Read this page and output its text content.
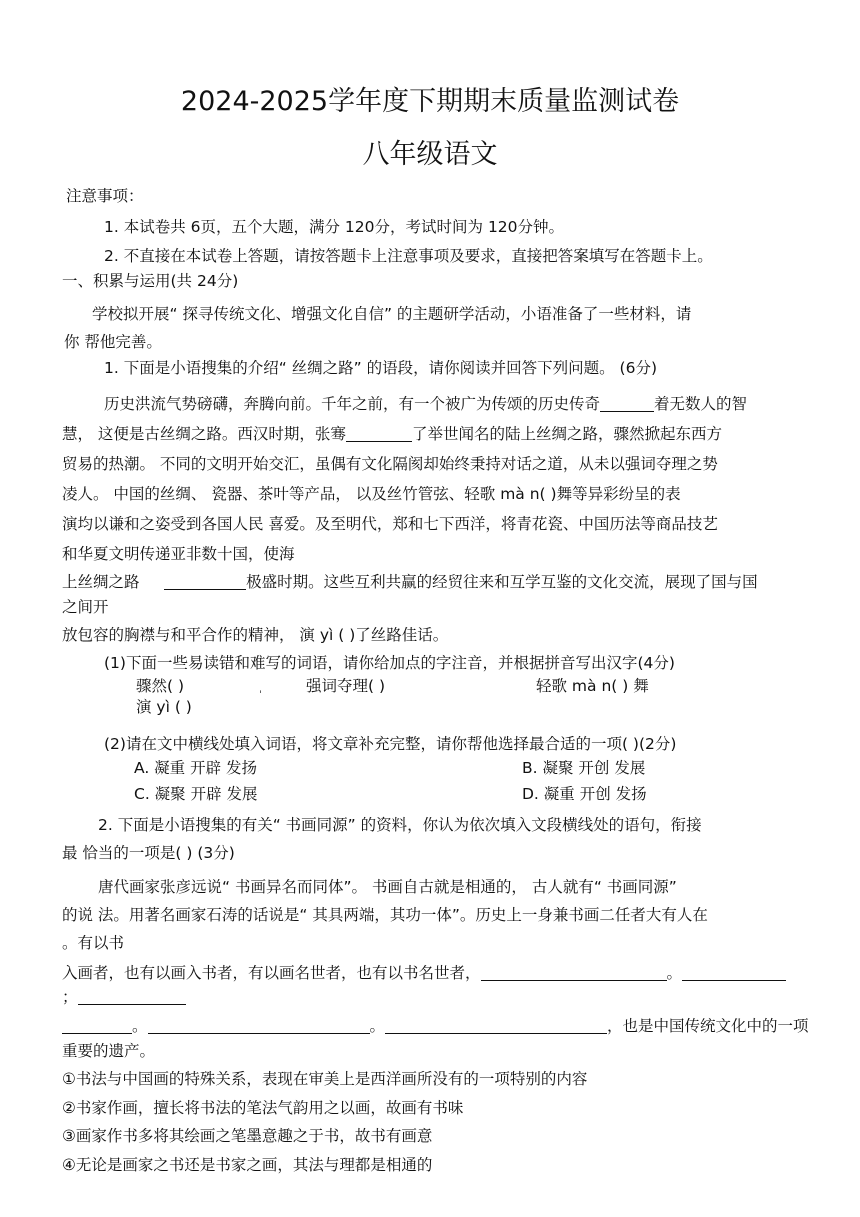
2024-2025学年度下期期末质量监测试卷
八年级语文
注意事项：
1. 本试卷共 6页，五个大题，满分 120分，考试时间为 120分钟。
2. 不直接在本试卷上答题，请按答题卡上注意事项及要求，直接把答案填写在答题卡上。
一、积累与运用(共 24分)
学校拟开展“ 探寻传统文化、增强文化自信” 的主题研学活动，小语准备了一些材料，请
你 帮他完善。
1. 下面是小语搜集的介绍“ 丝绸之路” 的语段，请你阅读并回答下列问题。 (6分)
历史洪流气势磅礴，奔腾向前。千年之前，有一个被广为传颂的历史传奇	着无数人的智
慧， 这便是古丝绸之路。西汉时期，张骞	了举世闻名的陆上丝绸之路，骤然掀起东西方
贸易的热潮。 不同的文明开始交汇，虽偶有文化隔阂却始终秉持对话之道，从未以强词夺理之势
凌人。 中国的丝绸、 瓷器、茶叶等产品， 以及丝竹管弦、轻歌 mà n( )舞等异彩纷呈的表
演均以谦和之姿受到各国人民 喜爱。及至明代，郑和七下西洋，将青花瓷、中国历法等商品技艺
和华夏文明传递亚非数十国，使海
上丝绸之路	极盛时期。这些互利共赢的经贸往来和互学互鉴的文化交流，展现了国与国
之间开
放包容的胸襟与和平合作的精神， 演 yì ( )了丝路佳话。
(1)下面一些易读错和难写的词语，请你给加点的字注音，并根据拼音写出汉字(4分)
骤然( )	强词夺理( )	轻歌 mà n( ) 舞
演 yì ( )
ˈ
(2)请在文中横线处填入词语，将文章补充完整，请你帮他选择最合适的一项( )(2分)
A. 凝重 开辟 发扬	B. 凝聚 开创 发展
C. 凝聚 开辟 发展	D. 凝重 开创 发扬
2. 下面是小语搜集的有关“ 书画同源” 的资料，你认为依次填入文段横线处的语句，衔接
最 恰当的一项是( ) (3分)
唐代画家张彦远说“ 书画异名而同体”。 书画自古就是相通的， 古人就有“ 书画同源”
的说 法。用著名画家石涛的话说是“ 其具两端，其功一体”。历史上一身兼书画二任者大有人在
。有以书
入画者，也有以画入书者，有以画名世者，也有以书名世者，	。
；
。	。	，也是中国传统文化中的一项
重要的遗产。
①书法与中国画的特殊关系，表现在审美上是西洋画所没有的一项特别的内容
②书家作画，擅长将书法的笔法气韵用之以画，故画有书味
③画家作书多将其绘画之笔墨意趣之于书，故书有画意
④无论是画家之书还是书家之画，其法与理都是相通的
